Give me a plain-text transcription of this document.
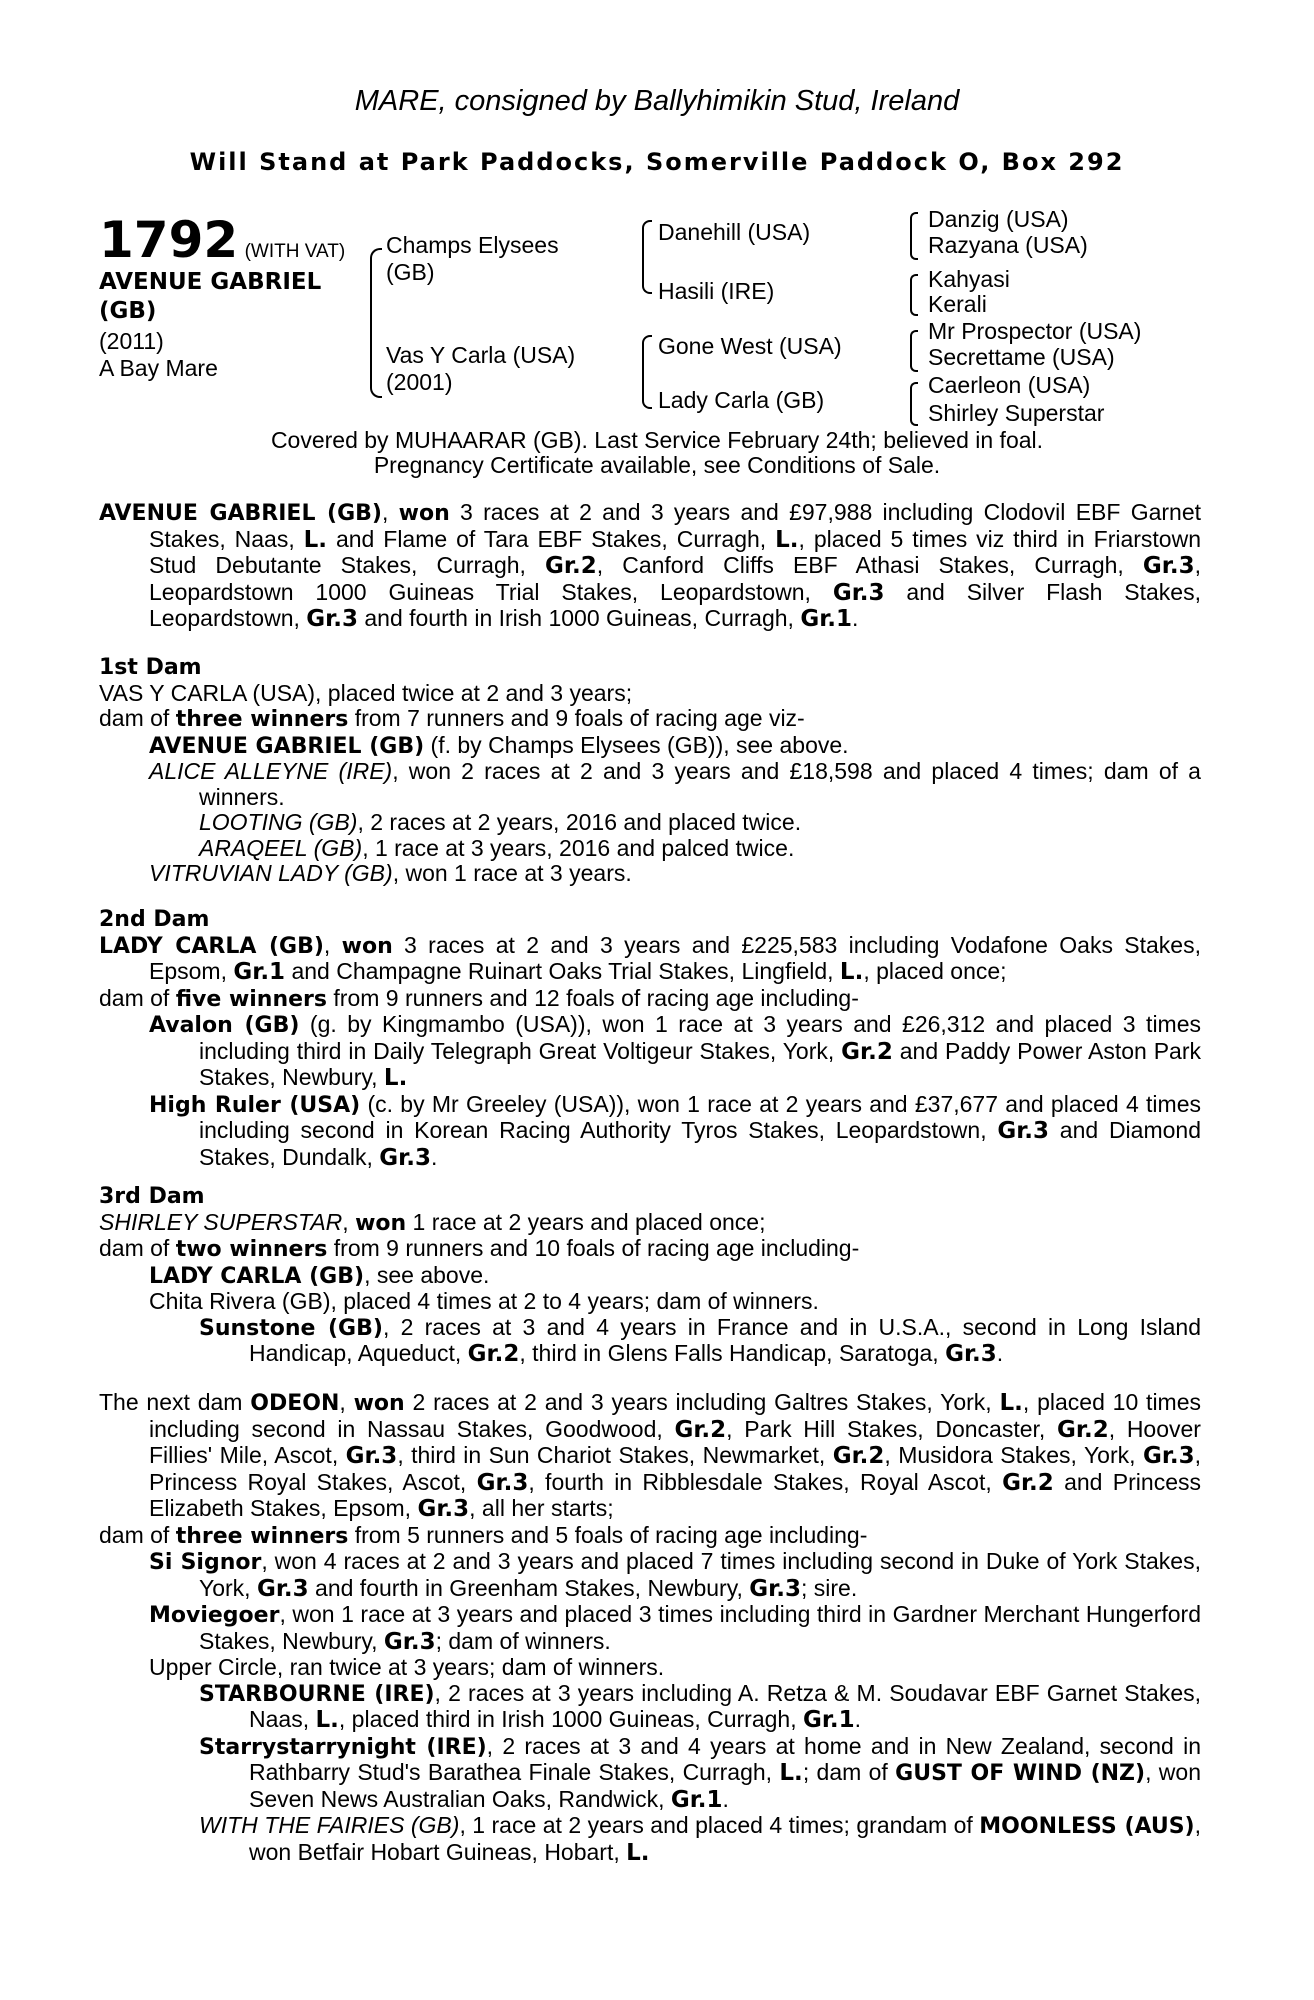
MARE, consigned by Ballyhimikin Stud, Ireland
Will Stand at Park Paddocks, Somerville Paddock O, Box 292
1792 (WITH VAT)
AVENUE GABRIEL
(GB)
(2011)
A Bay Mare
Champs Elysees
(GB)
Vas Y Carla (USA)
(2001)
Danehill (USA)
Hasili (IRE)
Gone West (USA)
Lady Carla (GB)
Danzig (USA)
Razyana (USA)
Kahyasi
Kerali
Mr Prospector (USA)
Secrettame (USA)
Caerleon (USA)
Shirley Superstar
Covered by MUHAARAR (GB). Last Service February 24th; believed in foal.
Pregnancy Certificate available, see Conditions of Sale.
AVENUE GABRIEL (GB), won 3 races at 2 and 3 years and £97,988 including Clodovil EBF Garnet Stakes, Naas, L. and Flame of Tara EBF Stakes, Curragh, L., placed 5 times viz third in Friarstown Stud Debutante Stakes, Curragh, Gr.2, Canford Cliffs EBF Athasi Stakes, Curragh, Gr.3, Leopardstown 1000 Guineas Trial Stakes, Leopardstown, Gr.3 and Silver Flash Stakes, Leopardstown, Gr.3 and fourth in Irish 1000 Guineas, Curragh, Gr.1.
1st Dam
VAS Y CARLA (USA), placed twice at 2 and 3 years;
dam of three winners from 7 runners and 9 foals of racing age viz-
AVENUE GABRIEL (GB) (f. by Champs Elysees (GB)), see above.
ALICE ALLEYNE (IRE), won 2 races at 2 and 3 years and £18,598 and placed 4 times; dam of a winners.
LOOTING (GB), 2 races at 2 years, 2016 and placed twice.
ARAQEEL (GB), 1 race at 3 years, 2016 and palced twice.
VITRUVIAN LADY (GB), won 1 race at 3 years.
2nd Dam
LADY CARLA (GB), won 3 races at 2 and 3 years and £225,583 including Vodafone Oaks Stakes, Epsom, Gr.1 and Champagne Ruinart Oaks Trial Stakes, Lingfield, L., placed once;
dam of five winners from 9 runners and 12 foals of racing age including-
Avalon (GB) (g. by Kingmambo (USA)), won 1 race at 3 years and £26,312 and placed 3 times including third in Daily Telegraph Great Voltigeur Stakes, York, Gr.2 and Paddy Power Aston Park Stakes, Newbury, L.
High Ruler (USA) (c. by Mr Greeley (USA)), won 1 race at 2 years and £37,677 and placed 4 times including second in Korean Racing Authority Tyros Stakes, Leopardstown, Gr.3 and Diamond Stakes, Dundalk, Gr.3.
3rd Dam
SHIRLEY SUPERSTAR, won 1 race at 2 years and placed once;
dam of two winners from 9 runners and 10 foals of racing age including-
LADY CARLA (GB), see above.
Chita Rivera (GB), placed 4 times at 2 to 4 years; dam of winners.
Sunstone (GB), 2 races at 3 and 4 years in France and in U.S.A., second in Long Island Handicap, Aqueduct, Gr.2, third in Glens Falls Handicap, Saratoga, Gr.3.
The next dam ODEON, won 2 races at 2 and 3 years including Galtres Stakes, York, L., placed 10 times including second in Nassau Stakes, Goodwood, Gr.2, Park Hill Stakes, Doncaster, Gr.2, Hoover Fillies' Mile, Ascot, Gr.3, third in Sun Chariot Stakes, Newmarket, Gr.2, Musidora Stakes, York, Gr.3, Princess Royal Stakes, Ascot, Gr.3, fourth in Ribblesdale Stakes, Royal Ascot, Gr.2 and Princess Elizabeth Stakes, Epsom, Gr.3, all her starts;
dam of three winners from 5 runners and 5 foals of racing age including-
Si Signor, won 4 races at 2 and 3 years and placed 7 times including second in Duke of York Stakes, York, Gr.3 and fourth in Greenham Stakes, Newbury, Gr.3; sire.
Moviegoer, won 1 race at 3 years and placed 3 times including third in Gardner Merchant Hungerford Stakes, Newbury, Gr.3; dam of winners.
Upper Circle, ran twice at 3 years; dam of winners.
STARBOURNE (IRE), 2 races at 3 years including A. Retza & M. Soudavar EBF Garnet Stakes, Naas, L., placed third in Irish 1000 Guineas, Curragh, Gr.1.
Starrystarrynight (IRE), 2 races at 3 and 4 years at home and in New Zealand, second in Rathbarry Stud's Barathea Finale Stakes, Curragh, L.; dam of GUST OF WIND (NZ), won Seven News Australian Oaks, Randwick, Gr.1.
WITH THE FAIRIES (GB), 1 race at 2 years and placed 4 times; grandam of MOONLESS (AUS), won Betfair Hobart Guineas, Hobart, L.
